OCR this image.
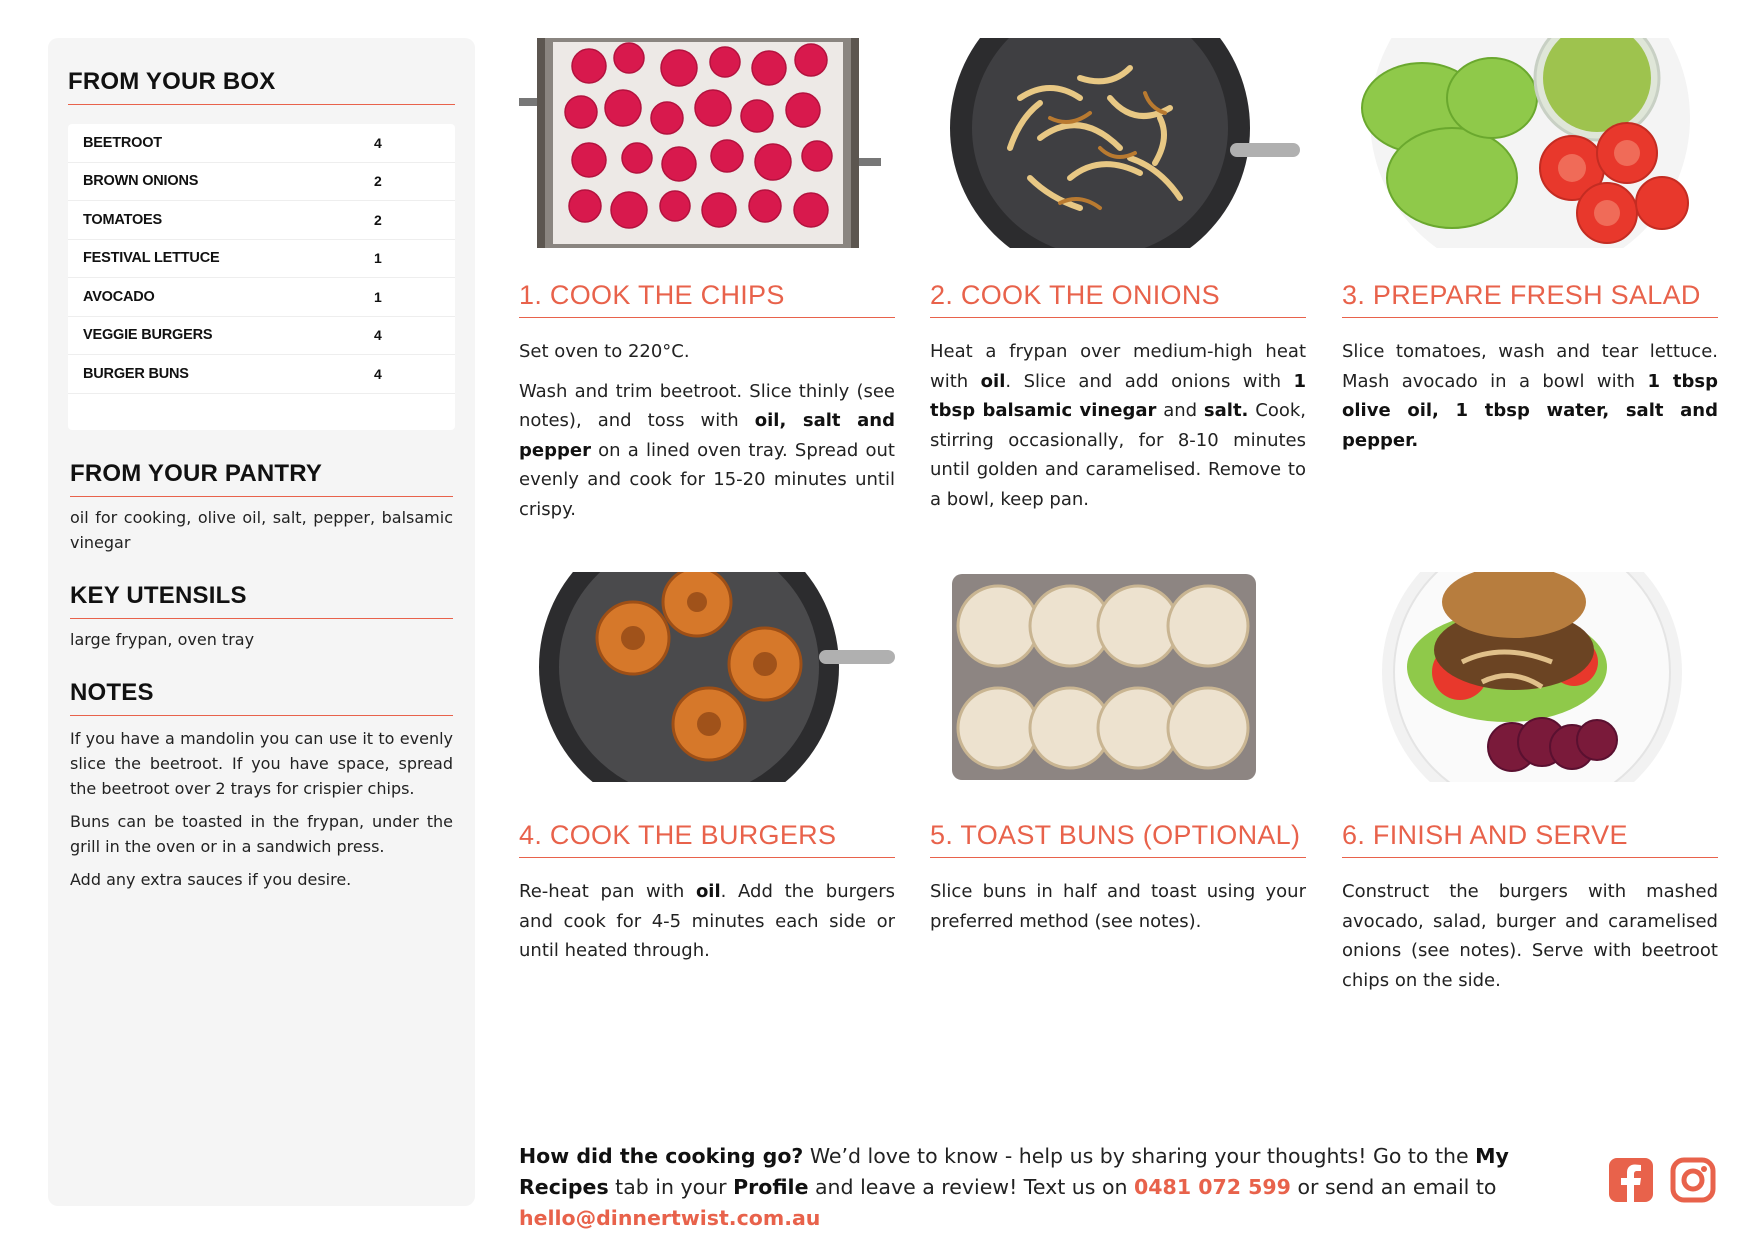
FROM YOUR BOX
BEETROOT	4
BROWN ONIONS	2
TOMATOES	2
FESTIVAL LETTUCE	1
AVOCADO	1
VEGGIE BURGERS	4
BURGER BUNS	4
FROM YOUR PANTRY

oil for cooking, olive oil, salt, pepper, balsamic vinegar

KEY UTENSILS

large frypan, oven tray

NOTES

If you have a mandolin you can use it to evenly slice the beetroot. If you have space, spread the beetroot over 2 trays for crispier chips.

Buns can be toasted in the frypan, under the grill in the oven or in a sandwich press.

Add any extra sauces if you desire.

1. COOK THE CHIPS	2. COOK THE ONIONS	3. PREPARE FRESH SALAD
4. COOK THE BURGERS	5. TOAST BUNS (OPTIONAL) 6. FINISH AND SERVE

Set oven to 220°C.

Wash and trim beetroot. Slice thinly (see notes), and toss with oil, salt and pepper on a lined oven tray. Spread out evenly and cook for 15-20 minutes until crispy.

Heat a frypan over medium-high heat with oil. Slice and add onions with 1 tbsp balsamic vinegar and salt. Cook, stirring occasionally, for 8-10 minutes until golden and caramelised. Remove to a bowl, keep pan.

Slice tomatoes, wash and tear lettuce. Mash avocado in a bowl with 1 tbsp olive oil, 1 tbsp water, salt and pepper.

Re-heat pan with oil. Add the burgers and cook for 4-5 minutes each side or until heated through.

Slice buns in half and toast using your preferred method (see notes).

Construct the burgers with mashed avocado, salad, burger and caramelised onions (see notes). Serve with beetroot chips on the side.

How did the cooking go? We’d love to know - help us by sharing your thoughts! Go to the My Recipes tab in your Profile and leave a review! Text us on 0481 072 599 or send an email to hello@dinnertwist.com.au
